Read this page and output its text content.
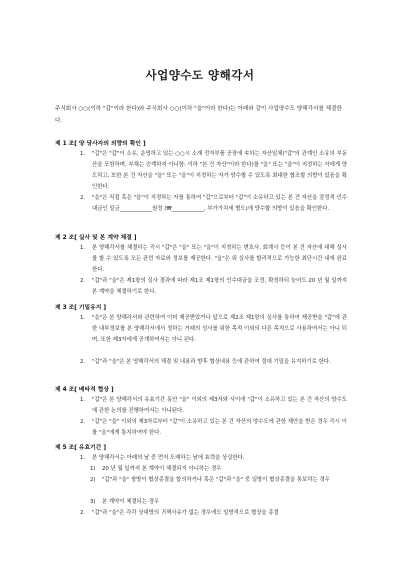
사업양수도 양해각서
주식회사 ○○(이하 "갑"이라 한다)와 주식회사 ○○(이하 "을"이라 한다)는 아래와 같이 사업양수도 양해각서를 체결한다.
제 1 조[ 양 당사자의 의향의 확인 ]
1. "갑"은 "갑"이 소유, 운영하고 있는 ○○시 소재 전자부품 공장에 속하는 자산일체("갑"의 관계인 소유의 부동산을 포함하며, 부채는 승계하지 아니함: 이하 "본 건 자산"이라 한다)를 "을" 또는 "을"이 지정하는 자에게 양도하고, 또한 본 건 자산을 "을" 또는 "을"이 지정하는 자가 양수할 수 있도록 최대한 협조할 의향이 있음을 확인한다.
2. "을"은 직접 혹은 "을"이 지정하는 자를 통하여 "갑"으로부터 "갑"이 소유하고 있는 본 건 자산을 잠정적 인수대금인 일금____________원정 (₩____________, 부가가치세 별도)에 양수할 의향이 있음을 확인한다.
제 2 조[ 실사 및 본 계약 체결 ]
1. 본 양해각서를 체결하는 즉시 "갑"은 "을" 또는 "을"이 지정하는 변호사, 회계사 등이 본 건 자산에 대해 실사를 할 수 있도록 모든 관련 자료와 정보를 제공한다. "을"은 위 실사를 합리적으로 가능한 최단시간 내에 완료한다.
2. "갑"과 "을"은 제1항의 실사 결과에 따라 제1조 제1항의 인수대금을 조정, 확정하되 늦어도 20 년 월 일까지 본 계약을 체결하기로 한다.
제 3 조[ 기밀유지 ]
1. "을"은 본 양해각서와 관련하여 이미 제공받았거나 앞으로 제2조 제1항의 실사를 통하여 제공받을 "갑"에 관한 내부정보를 본 양해각서에서 정하는 거래의 성사를 위한 목적 이외의 다른 목적으로 사용하여서는 아니 되며, 또한 제3자에게 공개하여서는 아니 된다.
2. "갑"과 "을"은 본 양해각서의 체결 및 내용과 향후 협상내용 등에 관하여 절대 기밀을 유지하기로 한다.
제 4 조[ 배타적 협상 ]
1. "갑"은 본 양해각서의 유효기간 동안 "을" 이외의 제3자와 사이에 "갑"이 소유하고 있는 본 건 자산의 양수도에 관한 논의를 진행하여서는 아니된다.
2. "갑"은 "을" 이외의 제3자로부터 "갑"이 소유하고 있는 본 건 자산의 양수도에 관한 제안을 받은 경우 즉시 이를 "을"에게 통지하여야 한다.
제 5 조[ 유효기간 ]
1. 본 양해각서는 아래의 날 중 먼저 도래하는 날에 효력을 상실한다.
1) 20 년 월 일까지 본 계약이 체결되지 아니하는 경우
2) "갑"과 "을" 쌍방이 협상종결을 합의하거나 혹은 "갑"과 "을" 중 일방이 협상종결을 통보하는 경우
3) 본 계약이 체결되는 경우
2. "갑"과 "을"은 각각 상대방의 귀책사유가 없는 경우에도 일방적으로 협상을 종결
